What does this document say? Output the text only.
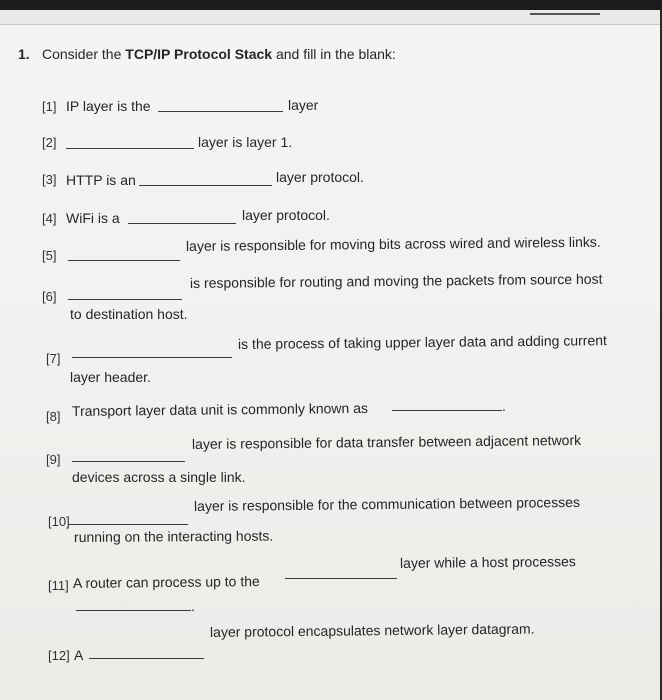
1. Consider the TCP/IP Protocol Stack and fill in the blank:
[1] IP layer is the	layer
[2]	layer is layer 1.
[3] HTTP is an	layer protocol.
[4] WiFi is a	layer protocol.
[5]
layer is responsible for moving bits across wired and wireless links.
[6]
is responsible for routing and moving the packets from source host
to destination host.
[7]
is the process of taking upper layer data and adding current
layer header.
[8] Transport layer data unit is commonly known as	.
[9]
layer is responsible for data transfer between adjacent network
devices across a single link.
[10]
layer is responsible for the communication between processes
running on the interacting hosts.
[11] A router can process up to the
layer while a host processes
.
[12] A
layer protocol encapsulates network layer datagram.
